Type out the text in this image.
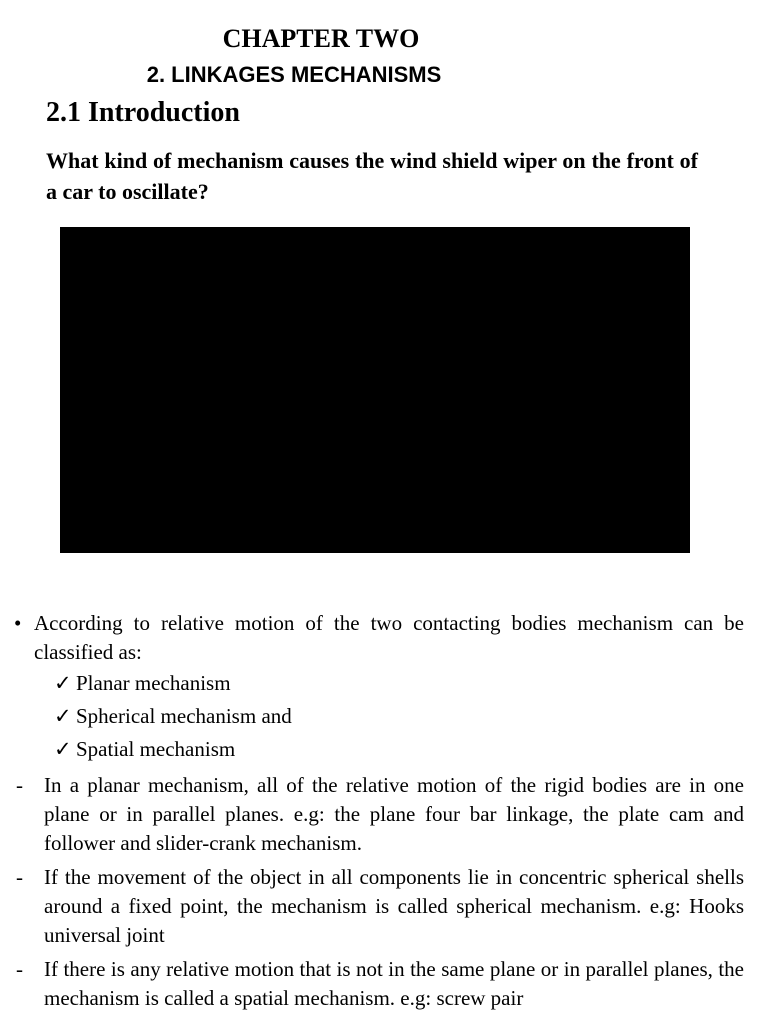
CHAPTER TWO
2. LINKAGES MECHANISMS
2.1 Introduction

What kind of mechanism causes the wind shield wiper on the front of a car to oscillate?

• According to relative motion of the two contacting bodies mechanism can be classified as:
✓ Planar mechanism
✓ Spherical mechanism and
✓ Spatial mechanism
- In a planar mechanism, all of the relative motion of the rigid bodies are in one plane or in parallel planes. e.g: the plane four bar linkage, the plate cam and follower and slider-crank mechanism.
- If the movement of the object in all components lie in concentric spherical shells around a fixed point, the mechanism is called spherical mechanism. e.g: Hooks universal joint
- If there is any relative motion that is not in the same plane or in parallel planes, the mechanism is called a spatial mechanism. e.g: screw pair
